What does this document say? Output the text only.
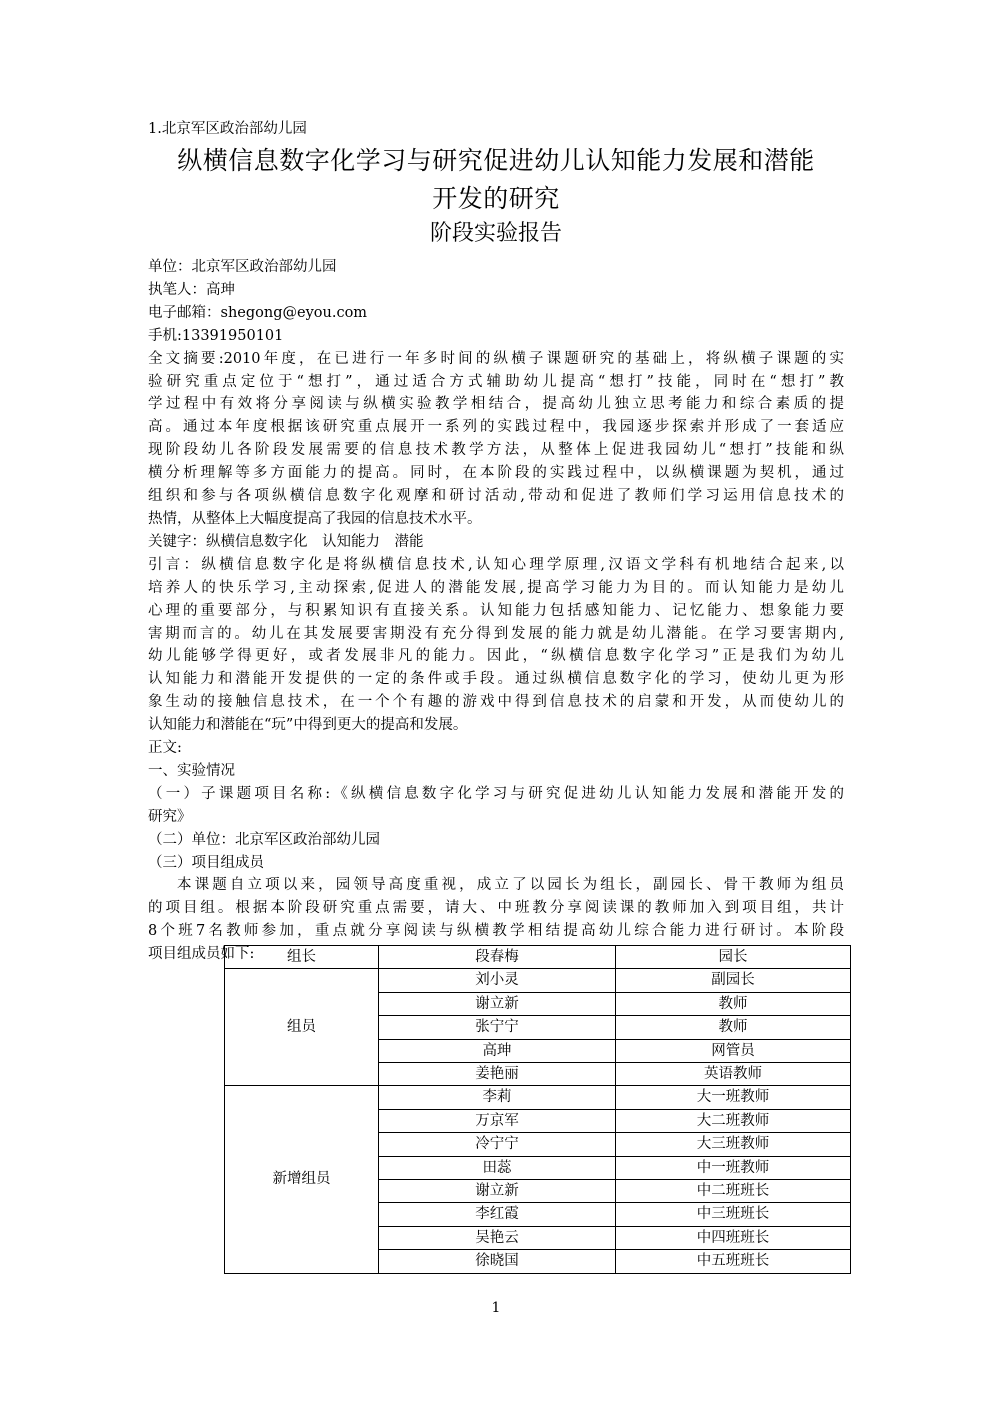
1.北京军区政治部幼儿园
纵横信息数字化学习与研究促进幼儿认知能力发展和潜能
开发的研究
阶段实验报告
单位：北京军区政治部幼儿园
执笔人：高珅
电子邮箱：shegong@eyou.com
手机:13391950101
全文摘要:2010年度，在已进行一年多时间的纵横子课题研究的基础上，将纵横子课题的实
验研究重点定位于“想打”，通过适合方式辅助幼儿提高“想打”技能，同时在“想打”教
学过程中有效将分享阅读与纵横实验教学相结合，提高幼儿独立思考能力和综合素质的提
高。通过本年度根据该研究重点展开一系列的实践过程中，我园逐步探索并形成了一套适应
现阶段幼儿各阶段发展需要的信息技术教学方法，从整体上促进我园幼儿“想打”技能和纵
横分析理解等多方面能力的提高。同时，在本阶段的实践过程中，以纵横课题为契机，通过
组织和参与各项纵横信息数字化观摩和研讨活动,带动和促进了教师们学习运用信息技术的
热情，从整体上大幅度提高了我园的信息技术水平。
关键字：纵横信息数字化　认知能力　潜能
引言：纵横信息数字化是将纵横信息技术,认知心理学原理,汉语文学科有机地结合起来,以
培养人的快乐学习,主动探索,促进人的潜能发展,提高学习能力为目的。而认知能力是幼儿
心理的重要部分，与积累知识有直接关系。认知能力包括感知能力、记忆能力、想象能力要
害期而言的。幼儿在其发展要害期没有充分得到发展的能力就是幼儿潜能。在学习要害期内,
幼儿能够学得更好，或者发展非凡的能力。因此，“纵横信息数字化学习”正是我们为幼儿
认知能力和潜能开发提供的一定的条件或手段。通过纵横信息数字化的学习，使幼儿更为形
象生动的接触信息技术，在一个个有趣的游戏中得到信息技术的启蒙和开发，从而使幼儿的
认知能力和潜能在“玩”中得到更大的提高和发展。
正文:
一、实验情况
（一）子课题项目名称:《纵横信息数字化学习与研究促进幼儿认知能力发展和潜能开发的
研究》
（二）单位：北京军区政治部幼儿园
（三）项目组成员
本课题自立项以来，园领导高度重视，成立了以园长为组长，副园长、骨干教师为组员
的项目组。根据本阶段研究重点需要，请大、中班教分享阅读课的教师加入到项目组，共计
8个班7名教师参加，重点就分享阅读与纵横教学相结提高幼儿综合能力进行研讨。本阶段
项目组成员如下:	组长	段春梅	园长
组员	刘小灵	副园长
	谢立新	教师
	张宁宁	教师
	高珅	网管员
	姜艳丽	英语教师
新增组员	李莉	大一班教师
	万京军	大二班教师
	冷宁宁	大三班教师
	田蕊	中一班教师
	谢立新	中二班班长
	李红霞	中三班班长
	吴艳云	中四班班长
	徐晓国	中五班班长
1
